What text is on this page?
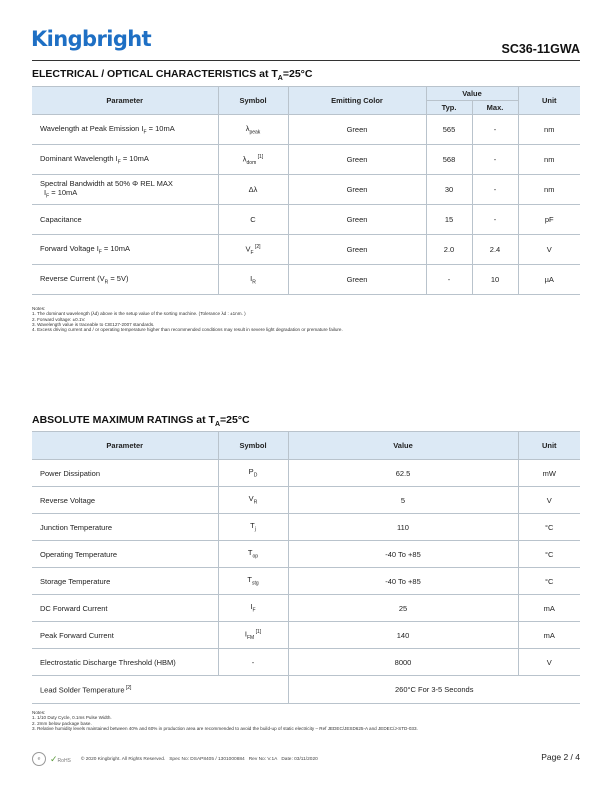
Kingbright	SC36-11GWA
ELECTRICAL / OPTICAL CHARACTERISTICS at $T_A=25^\circ C$
Parameter	Symbol	Emitting Color	Value		Unit
			Typ.	Max.	

Wavelength at Peak Emission $I_F = 10mA$	$\lambda_{peak}$	Green	565	-	nm

Dominant Wavelength $I_F = 10mA$	$\lambda_{dom}$ [1]	Green	568	-	nm

Spectral Bandwidth at 50% Φ REL MAX
$I_F = 10mA$	Δλ	Green	30	-	nm

Capacitance	C	Green	15	-	pF

Forward Voltage $I_F = 10mA$	$V_F$ [2]	Green	2.0	2.4	V

Reverse Current $(V_R = 5V)$	$I_R$	Green	-	10	µA
Notes:
1. The dominant wavelength (λd) above is the setup value of the sorting machine. (Tolerance λd : ±1nm. )
2. Forward voltage: ±0.1V.
3. Wavelength value is traceable to CIE127-2007 standards.
4. Excess driving current and / or operating temperature higher than recommended conditions may result in severe light degradation or premature failure.
ABSOLUTE MAXIMUM RATINGS at $T_A=25^\circ C$
Parameter	Symbol	Value	Unit
Power Dissipation	$P_D$	62.5	mW
Reverse Voltage	$V_R$	5	V
Junction Temperature	$T_j$	110	°C
Operating Temperature	$T_{op}$	-40 To +85	°C
Storage Temperature	$T_{stg}$	-40 To +85	°C
DC Forward Current	$I_F$	25	mA
Peak Forward Current	$I_{FM}$ [1]	140	mA
Electrostatic Discharge Threshold (HBM)	-	8000	V
Lead Solder Temperature [2]		260°C For 3-5 Seconds	
Notes:
1. 1/10 Duty Cycle, 0.1ms Pulse Width.
2. 2mm below package base.
3. Relative humidity levels maintained between 40% and 60% in production area are recommended to avoid the build-up of static electricity – Ref JEDEC/JESD625-A and JEDEC/J-STD-033.
e	✓RoHS © 2020 Kingbright. All Rights Reserved.
Spec No: DSAP8405 / 1301000884
Rev No: V.1A
Date: 03/11/2020	Page 2 / 4
